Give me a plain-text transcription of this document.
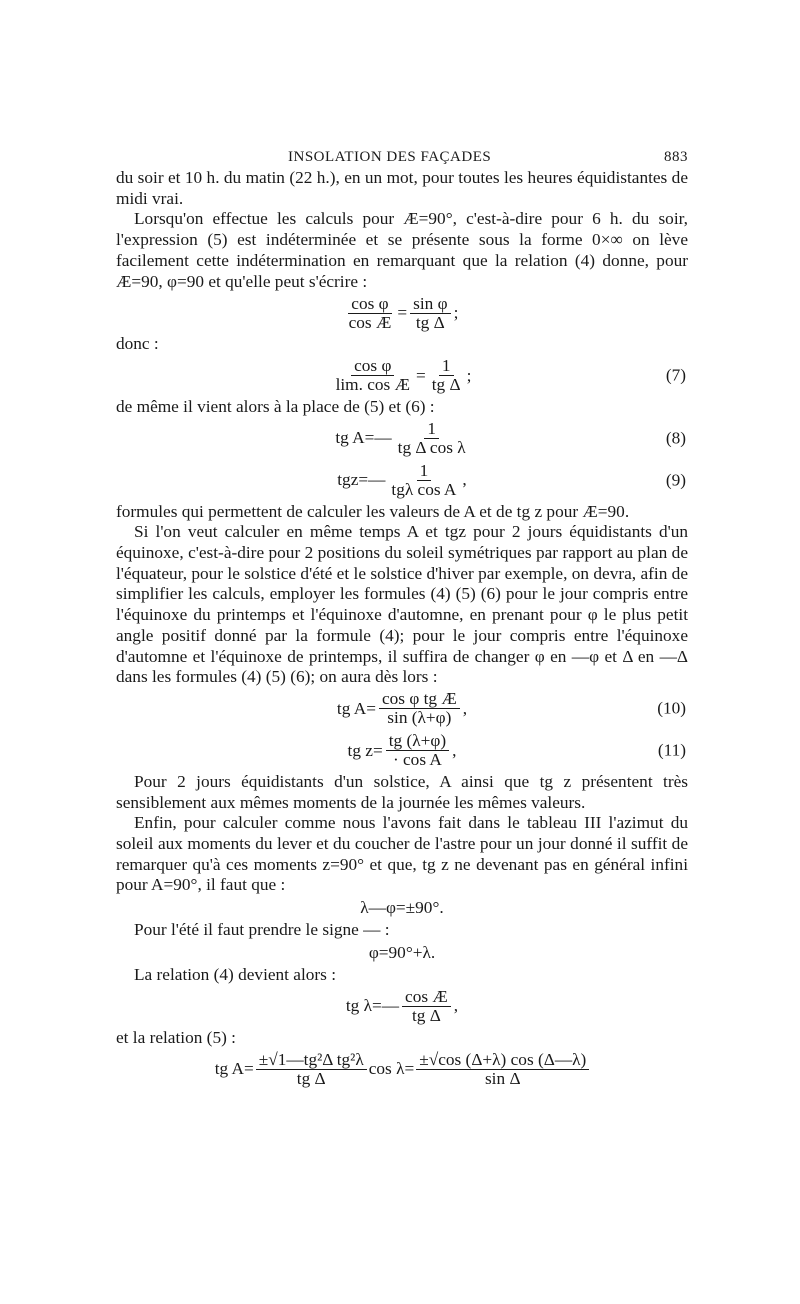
INSOLATION DES FAÇADES	883

du soir et 10 h. du matin (22 h.), en un mot, pour toutes les heures équidistantes de midi vrai.

Lorsqu'on effectue les calculs pour Æ=90°, c'est-à-dire pour 6 h. du soir, l'expression (5) est indéterminée et se présente sous la forme 0×∞ on lève facilement cette indétermination en remarquant que la relation (4) donne, pour Æ=90, φ=90 et qu'elle peut s'écrire :

$\frac{\text{cos φ}}{\text{cos Æ}} = \frac{\text{sin φ}}{\text{tg Δ}}$ ;

donc :

$\frac{\text{cos φ}}{\text{lim. cos Æ}} = \frac{1}{\text{tg Δ}}$ ;	(7)

de même il vient alors à la place de (5) et (6) :

tg A=— $\frac{1}{\text{tg Δ cos λ}}$	(8)
tgz=— $\frac{1}{\text{tgλ cos A}}$ ,	(9)

formules qui permettent de calculer les valeurs de A et de tg z pour Æ=90.

Si l'on veut calculer en même temps A et tgz pour 2 jours équidistants d'un équinoxe, c'est-à-dire pour 2 positions du soleil symétriques par rapport au plan de l'équateur, pour le solstice d'été et le solstice d'hiver par exemple, on devra, afin de simplifier les calculs, employer les formules (4) (5) (6) pour le jour compris entre l'équinoxe du printemps et l'équinoxe d'automne, en prenant pour φ le plus petit angle positif donné par la formule (4); pour le jour compris entre l'équinoxe d'automne et l'équinoxe de printemps, il suffira de changer φ en —φ et Δ en —Δ dans les formules (4) (5) (6); on aura dès lors :

tg $A= \frac{\text{cos φ tg Æ}}{\sin (\lambda+\varphi)}$ ,	(10)
tg $z= \frac{tg (\lambda+\varphi)}{\text{· cos A}}$ ,	(11)

Pour 2 jours équidistants d'un solstice, A ainsi que tg z présentent très sensiblement aux mêmes moments de la journée les mêmes valeurs.

Enfin, pour calculer comme nous l'avons fait dans le tableau III l'azimut du soleil aux moments du lever et du coucher de l'astre pour un jour donné il suffit de remarquer qu'à ces moments z=90° et que, tg z ne devenant pas en général infini pour A=90°, il faut que :

λ—φ=±90°.

Pour l'été il faut prendre le signe — :

φ=90°+λ.

La relation (4) devient alors :

tg λ=— $\frac{\text{cos Æ}}{\text{tg Δ}}$ ,

et la relation (5) :

tg $A= \frac{\text{±√1—tg²Δ tg²λ}}{\text{tg Δ}}$ $\cos \lambda= \frac{\pm√\cos (\Delta+\lambda) \cos (\Delta—\lambda)}{\text{sin Δ}}$
